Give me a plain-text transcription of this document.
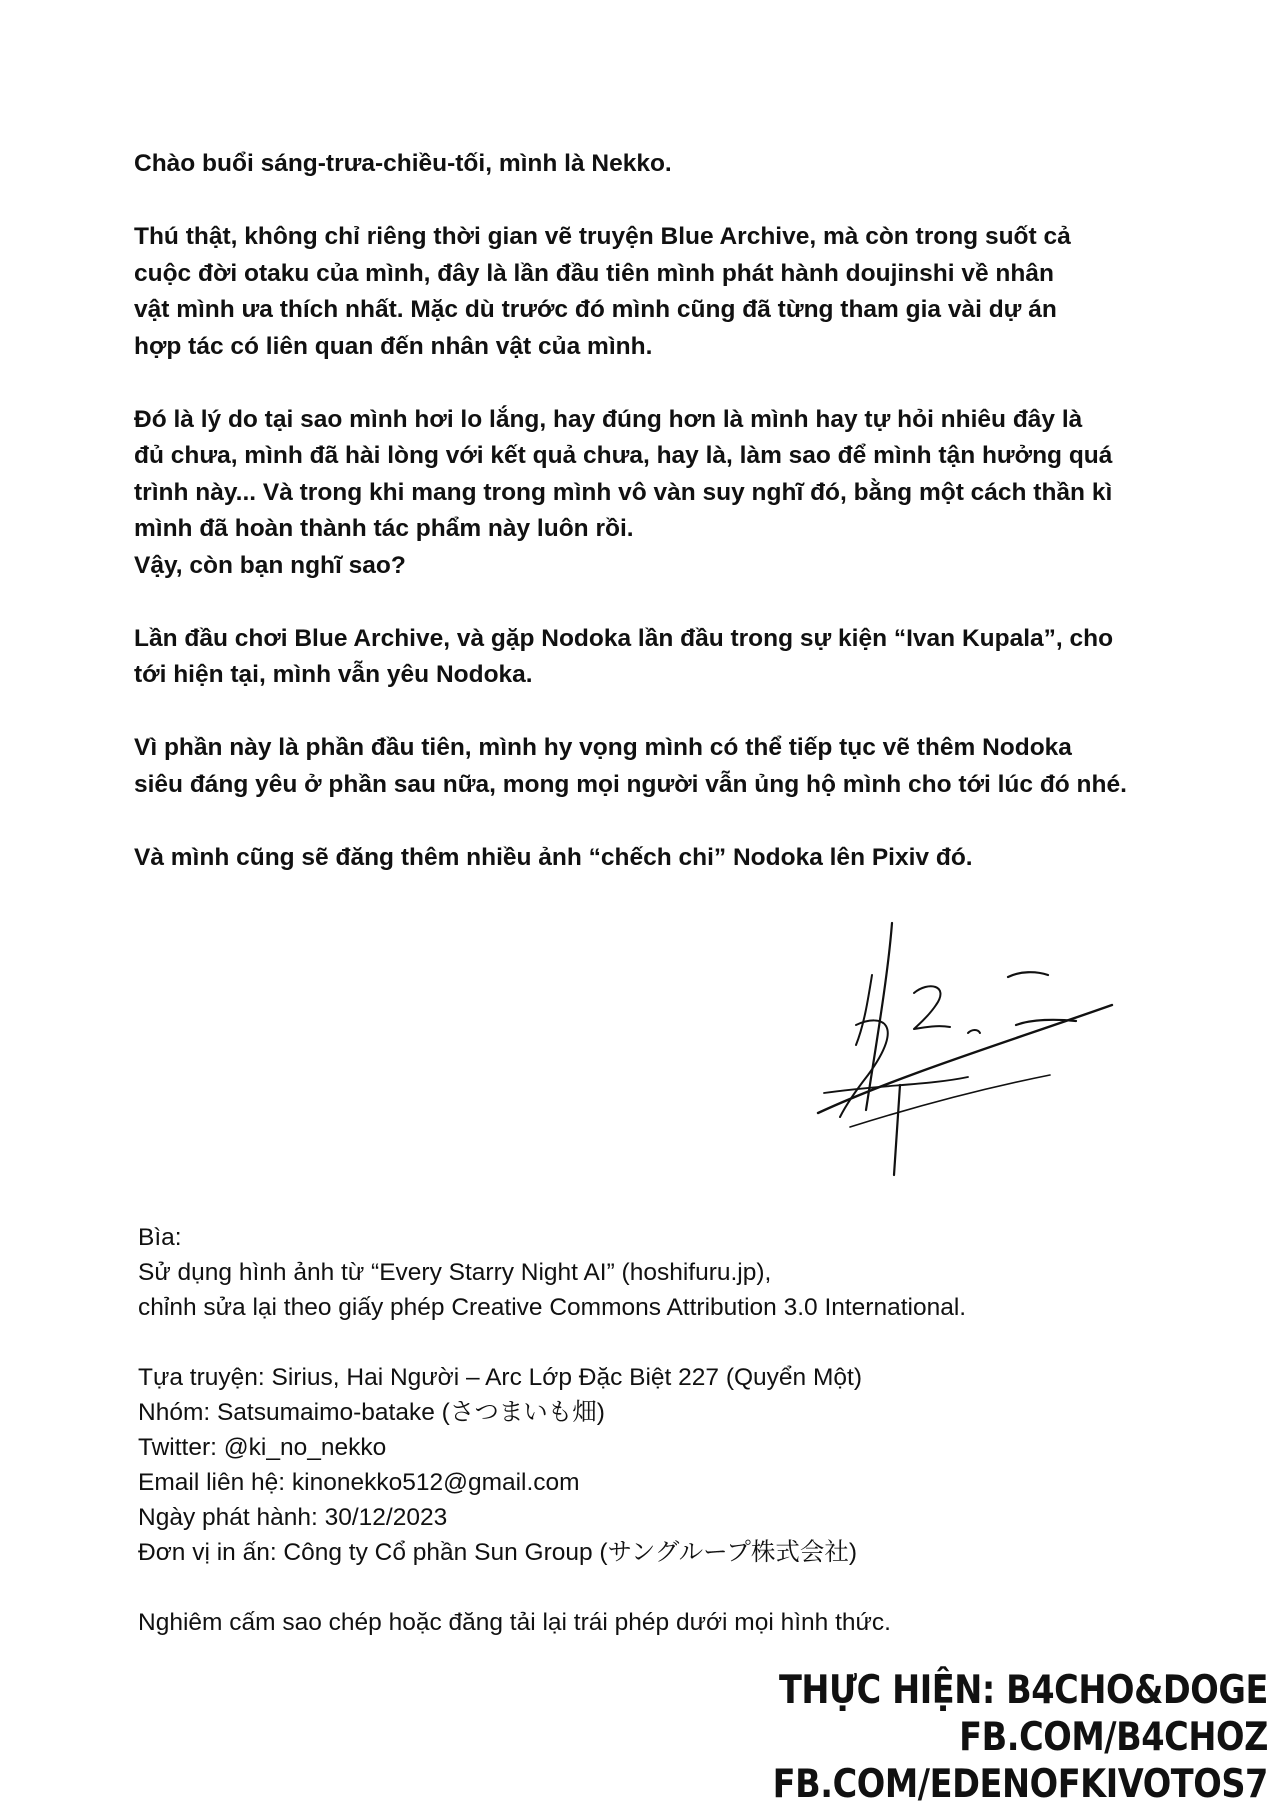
Chào buổi sáng-trưa-chiều-tối, mình là Nekko.

Thú thật, không chỉ riêng thời gian vẽ truyện Blue Archive, mà còn trong suốt cả
cuộc đời otaku của mình, đây là lần đầu tiên mình phát hành doujinshi về nhân
vật mình ưa thích nhất. Mặc dù trước đó mình cũng đã từng tham gia vài dự án
hợp tác có liên quan đến nhân vật của mình.

Đó là lý do tại sao mình hơi lo lắng, hay đúng hơn là mình hay tự hỏi nhiêu đây là
đủ chưa, mình đã hài lòng với kết quả chưa, hay là, làm sao để mình tận hưởng quá
trình này... Và trong khi mang trong mình vô vàn suy nghĩ đó, bằng một cách thần kì
mình đã hoàn thành tác phẩm này luôn rồi.
Vậy, còn bạn nghĩ sao?

Lần đầu chơi Blue Archive, và gặp Nodoka lần đầu trong sự kiện “Ivan Kupala”, cho
tới hiện tại, mình vẫn yêu Nodoka.

Vì phần này là phần đầu tiên, mình hy vọng mình có thể tiếp tục vẽ thêm Nodoka
siêu đáng yêu ở phần sau nữa, mong mọi người vẫn ủng hộ mình cho tới lúc đó nhé.

Và mình cũng sẽ đăng thêm nhiều ảnh “chếch chi” Nodoka lên Pixiv đó.

Bìa:
Sử dụng hình ảnh từ “Every Starry Night AI” (hoshifuru.jp),
chỉnh sửa lại theo giấy phép Creative Commons Attribution 3.0 International.

Tựa truyện: Sirius, Hai Người – Arc Lớp Đặc Biệt 227 (Quyển Một)
Nhóm: Satsumaimo-batake (さつまいも畑)
Twitter: @ki_no_nekko
Email liên hệ: kinonekko512@gmail.com
Ngày phát hành: 30/12/2023
Đơn vị in ấn: Công ty Cổ phần Sun Group (サングループ株式会社)

Nghiêm cấm sao chép hoặc đăng tải lại trái phép dưới mọi hình thức.

THỰC HIỆN: B4CHO&DOGE
FB.COM/B4CHOZ
FB.COM/EDENOFKIVOTOS7
